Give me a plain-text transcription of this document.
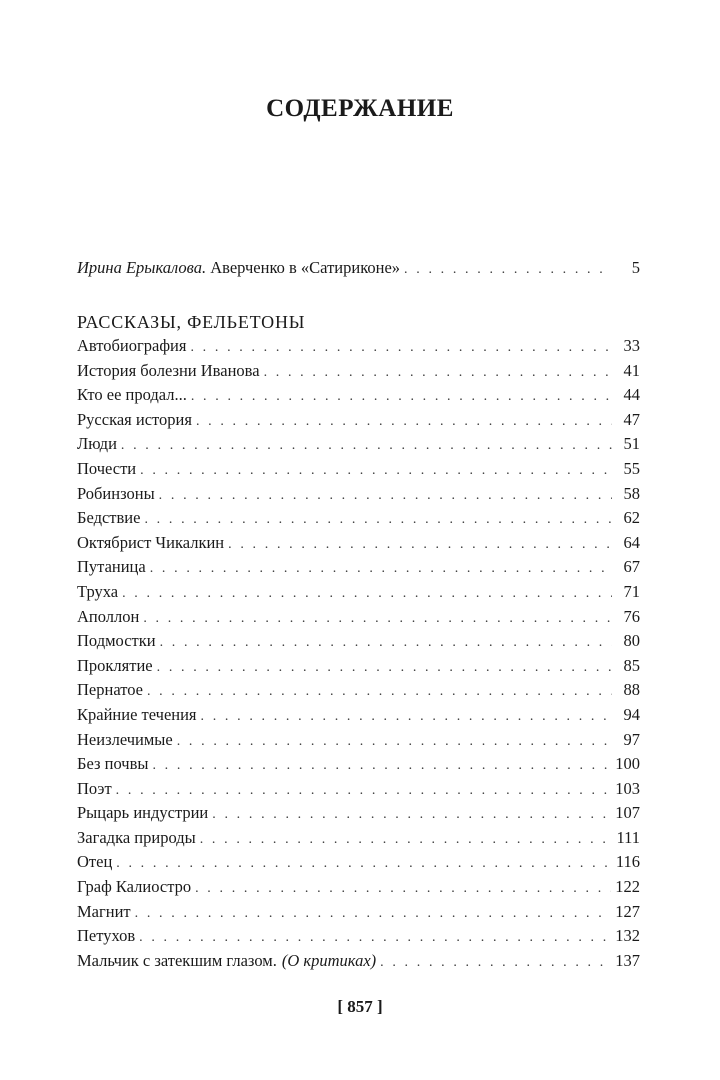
СОДЕРЖАНИЕ
Ирина Ерыкалова.
Аверченко в «Сатириконе» . . .	5
РАССКАЗЫ, ФЕЛЬЕТОНЫ
Автобиография . . .	33
История болезни Иванова . . .	41
Кто ее продал... . . .	44
Русская история . . .	47
Люди . . .	51
Почести . . .	55
Робинзоны . . .	58
Бедствие . . .	62
Октябрист Чикалкин . . .	64
Путаница . . .	67
Труха . . .	71
Аполлон . . .	76
Подмостки . . .	80
Проклятие . . .	85
Пернатое . . .	88
Крайние течения . . .	94
Неизлечимые . . .	97
Без почвы . . .	100
Поэт . . .	103
Рыцарь индустрии . . .	107
Загадка природы . . .	111
Отец . . .	116
Граф Калиостро . . .	122
Магнит . . .	127
Петухов . . .	132
Мальчик с затекшим глазом. (О критиках) . . .	137
[ 857 ]
